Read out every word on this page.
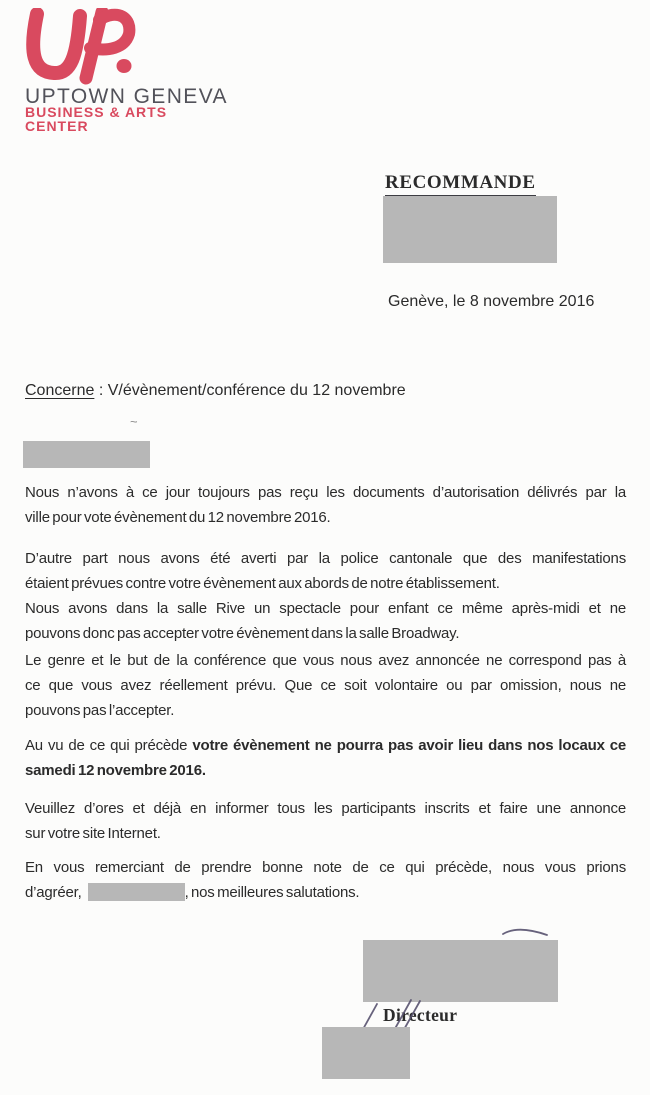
UPTOWN GENEVA
BUSINESS & ARTS
CENTER
RECOMMANDE
Genève, le 8 novembre 2016
Concerne : V/évènement/conférence du 12 novembre
~
Nous n’avons à ce jour toujours pas reçu les documents d’autorisation délivrés par la
ville pour vote évènement du 12 novembre 2016.
D’autre part nous avons été averti par la police cantonale que des manifestations
étaient prévues contre votre évènement aux abords de notre établissement.
Nous avons dans la salle Rive un spectacle pour enfant ce même après-midi et ne
pouvons donc pas accepter votre évènement dans la salle Broadway.
Le genre et le but de la conférence que vous nous avez annoncée ne correspond pas à
ce que vous avez réellement prévu. Que ce soit volontaire ou par omission, nous ne
pouvons pas l’accepter.
Au vu de ce qui précède votre évènement ne pourra pas avoir lieu dans nos locaux ce
samedi 12 novembre 2016.
Veuillez d’ores et déjà en informer tous les participants inscrits et faire une annonce
sur votre site Internet.
En vous remerciant de prendre bonne note de ce qui précède, nous vous prions
d’agréer,	, nos meilleures salutations.
Directeur
